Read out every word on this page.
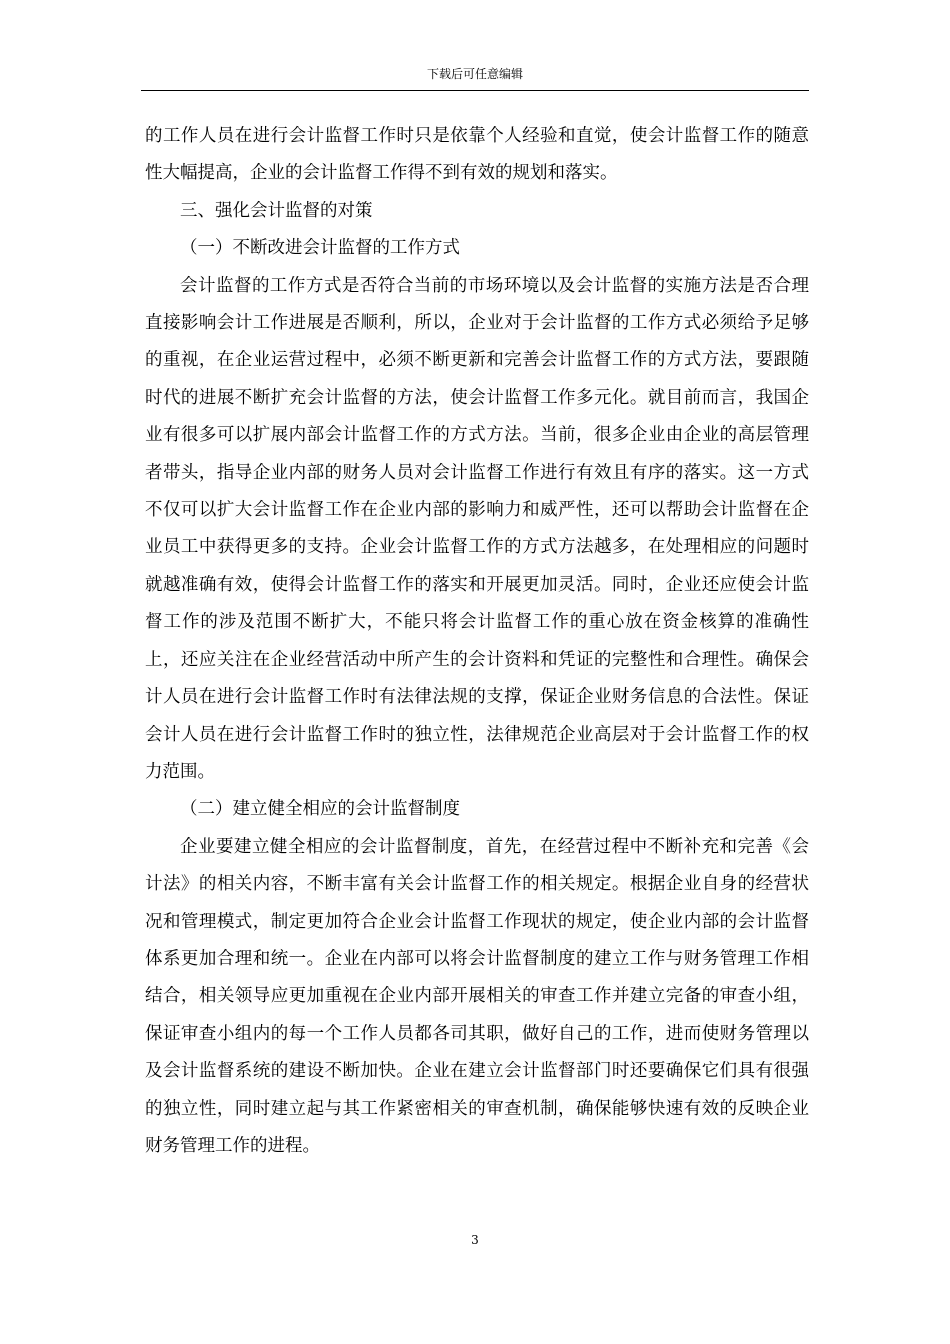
下载后可任意编辑

的工作人员在进行会计监督工作时只是依靠个人经验和直觉，使会计监督工作的随意性大幅提高，企业的会计监督工作得不到有效的规划和落实。

三、强化会计监督的对策

（一）不断改进会计监督的工作方式

会计监督的工作方式是否符合当前的市场环境以及会计监督的实施方法是否合理直接影响会计工作进展是否顺利，所以，企业对于会计监督的工作方式必须给予足够的重视，在企业运营过程中，必须不断更新和完善会计监督工作的方式方法，要跟随时代的进展不断扩充会计监督的方法，使会计监督工作多元化。就目前而言，我国企业有很多可以扩展内部会计监督工作的方式方法。当前，很多企业由企业的高层管理者带头，指导企业内部的财务人员对会计监督工作进行有效且有序的落实。这一方式不仅可以扩大会计监督工作在企业内部的影响力和威严性，还可以帮助会计监督在企业员工中获得更多的支持。企业会计监督工作的方式方法越多，在处理相应的问题时就越准确有效，使得会计监督工作的落实和开展更加灵活。同时，企业还应使会计监督工作的涉及范围不断扩大，不能只将会计监督工作的重心放在资金核算的准确性上，还应关注在企业经营活动中所产生的会计资料和凭证的完整性和合理性。确保会计人员在进行会计监督工作时有法律法规的支撑，保证企业财务信息的合法性。保证会计人员在进行会计监督工作时的独立性，法律规范企业高层对于会计监督工作的权力范围。

（二）建立健全相应的会计监督制度

企业要建立健全相应的会计监督制度，首先，在经营过程中不断补充和完善《会计法》的相关内容，不断丰富有关会计监督工作的相关规定。根据企业自身的经营状况和管理模式，制定更加符合企业会计监督工作现状的规定，使企业内部的会计监督体系更加合理和统一。企业在内部可以将会计监督制度的建立工作与财务管理工作相结合，相关领导应更加重视在企业内部开展相关的审查工作并建立完备的审查小组，保证审查小组内的每一个工作人员都各司其职，做好自己的工作，进而使财务管理以及会计监督系统的建设不断加快。企业在建立会计监督部门时还要确保它们具有很强的独立性，同时建立起与其工作紧密相关的审查机制，确保能够快速有效的反映企业财务管理工作的进程。

3
